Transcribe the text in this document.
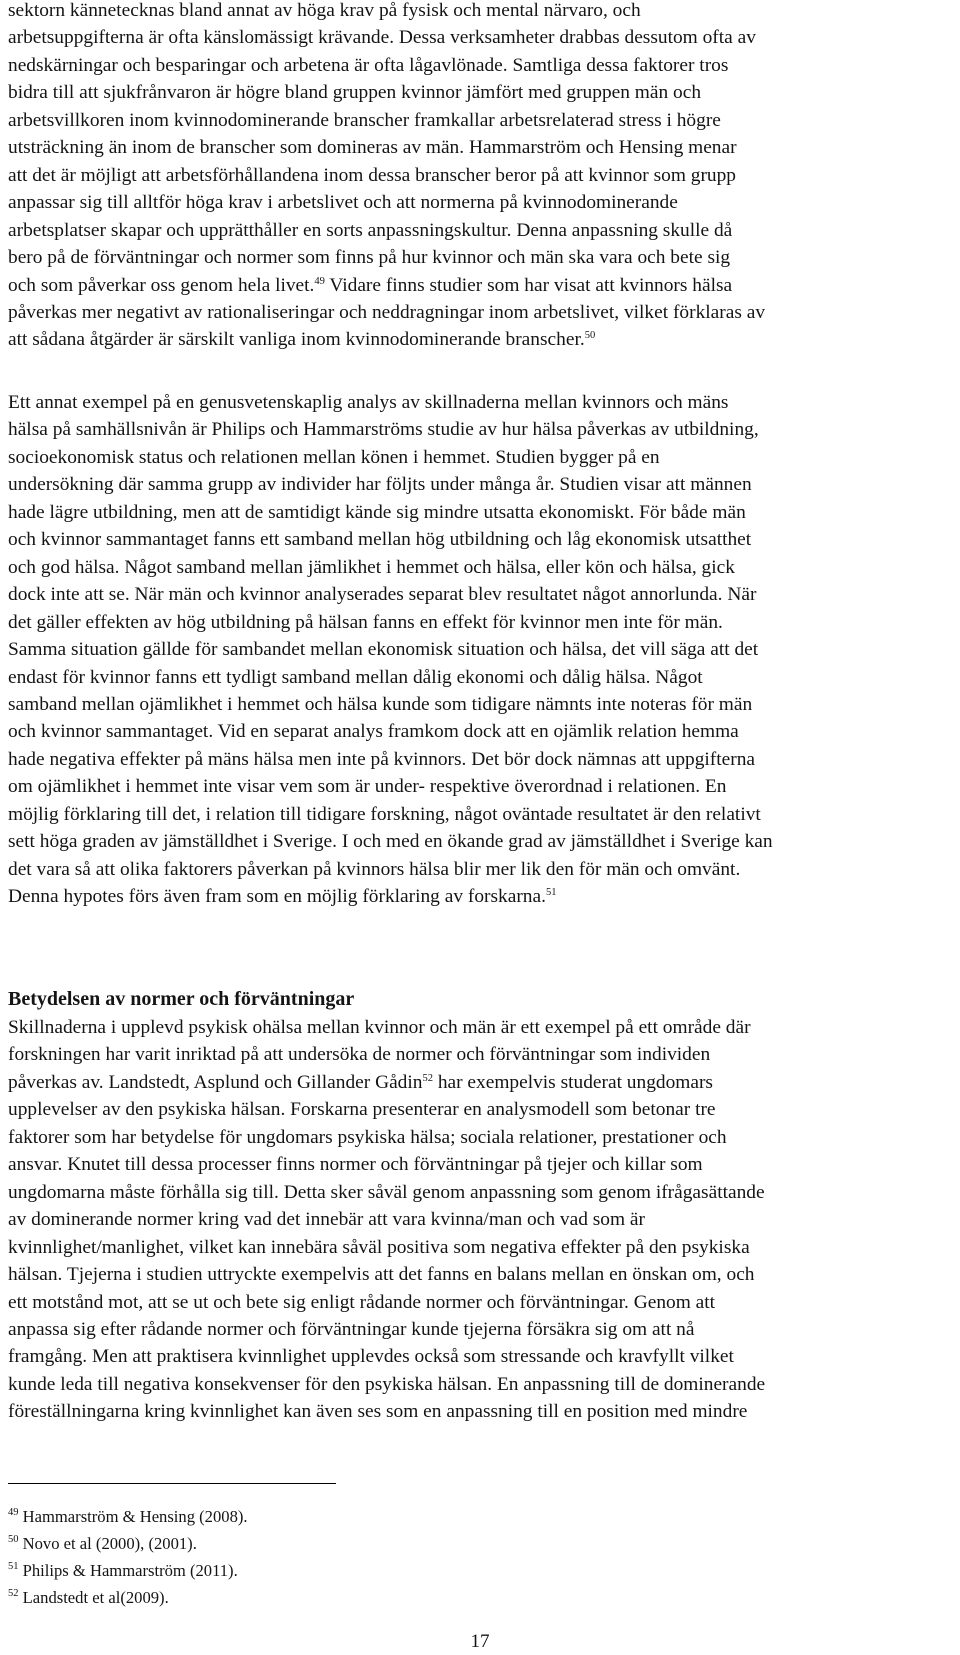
sektorn kännetecknas bland annat av höga krav på fysisk och mental närvaro, och
arbetsuppgifterna är ofta känslomässigt krävande. Dessa verksamheter drabbas dessutom ofta av
nedskärningar och besparingar och arbetena är ofta lågavlönade. Samtliga dessa faktorer tros
bidra till att sjukfrånvaron är högre bland gruppen kvinnor jämfört med gruppen män och
arbetsvillkoren inom kvinnodominerande branscher framkallar arbetsrelaterad stress i högre
utsträckning än inom de branscher som domineras av män. Hammarström och Hensing menar
att det är möjligt att arbetsförhållandena inom dessa branscher beror på att kvinnor som grupp
anpassar sig till alltför höga krav i arbetslivet och att normerna på kvinnodominerande
arbetsplatser skapar och upprätthåller en sorts anpassningskultur. Denna anpassning skulle då
bero på de förväntningar och normer som finns på hur kvinnor och män ska vara och bete sig
och som påverkar oss genom hela livet.$^{49}$ Vidare finns studier som har visat att kvinnors hälsa
påverkas mer negativt av rationaliseringar och neddragningar inom arbetslivet, vilket förklaras av
att sådana åtgärder är särskilt vanliga inom kvinnodominerande branscher.$^{50}$

Ett annat exempel på en genusvetenskaplig analys av skillnaderna mellan kvinnors och mäns
hälsa på samhällsnivån är Philips och Hammarströms studie av hur hälsa påverkas av utbildning,
socioekonomisk status och relationen mellan könen i hemmet. Studien bygger på en
undersökning där samma grupp av individer har följts under många år. Studien visar att männen
hade lägre utbildning, men att de samtidigt kände sig mindre utsatta ekonomiskt. För både män
och kvinnor sammantaget fanns ett samband mellan hög utbildning och låg ekonomisk utsatthet
och god hälsa. Något samband mellan jämlikhet i hemmet och hälsa, eller kön och hälsa, gick
dock inte att se. När män och kvinnor analyserades separat blev resultatet något annorlunda. När
det gäller effekten av hög utbildning på hälsan fanns en effekt för kvinnor men inte för män.
Samma situation gällde för sambandet mellan ekonomisk situation och hälsa, det vill säga att det
endast för kvinnor fanns ett tydligt samband mellan dålig ekonomi och dålig hälsa. Något
samband mellan ojämlikhet i hemmet och hälsa kunde som tidigare nämnts inte noteras för män
och kvinnor sammantaget. Vid en separat analys framkom dock att en ojämlik relation hemma
hade negativa effekter på mäns hälsa men inte på kvinnors. Det bör dock nämnas att uppgifterna
om ojämlikhet i hemmet inte visar vem som är under- respektive överordnad i relationen. En
möjlig förklaring till det, i relation till tidigare forskning, något oväntade resultatet är den relativt
sett höga graden av jämställdhet i Sverige. I och med en ökande grad av jämställdhet i Sverige kan
det vara så att olika faktorers påverkan på kvinnors hälsa blir mer lik den för män och omvänt.
Denna hypotes förs även fram som en möjlig förklaring av forskarna.$^{51}$

Betydelsen av normer och förväntningar

Skillnaderna i upplevd psykisk ohälsa mellan kvinnor och män är ett exempel på ett område där
forskningen har varit inriktad på att undersöka de normer och förväntningar som individen
påverkas av. Landstedt, Asplund och Gillander Gådin$^{52}$ har exempelvis studerat ungdomars
upplevelser av den psykiska hälsan. Forskarna presenterar en analysmodell som betonar tre
faktorer som har betydelse för ungdomars psykiska hälsa; sociala relationer, prestationer och
ansvar. Knutet till dessa processer finns normer och förväntningar på tjejer och killar som
ungdomarna måste förhålla sig till. Detta sker såväl genom anpassning som genom ifrågasättande
av dominerande normer kring vad det innebär att vara kvinna/man och vad som är
kvinnlighet/manlighet, vilket kan innebära såväl positiva som negativa effekter på den psykiska
hälsan. Tjejerna i studien uttryckte exempelvis att det fanns en balans mellan en önskan om, och
ett motstånd mot, att se ut och bete sig enligt rådande normer och förväntningar. Genom att
anpassa sig efter rådande normer och förväntningar kunde tjejerna försäkra sig om att nå
framgång. Men att praktisera kvinnlighet upplevdes också som stressande och kravfyllt vilket
kunde leda till negativa konsekvenser för den psykiska hälsan. En anpassning till de dominerande
föreställningarna kring kvinnlighet kan även ses som en anpassning till en position med mindre

$^{49}$ Hammarström & Hensing (2008).
$^{50}$ Novo et al (2000), (2001).
$^{51}$ Philips & Hammarström (2011).
$^{52}$ Landstedt et al(2009).
17
